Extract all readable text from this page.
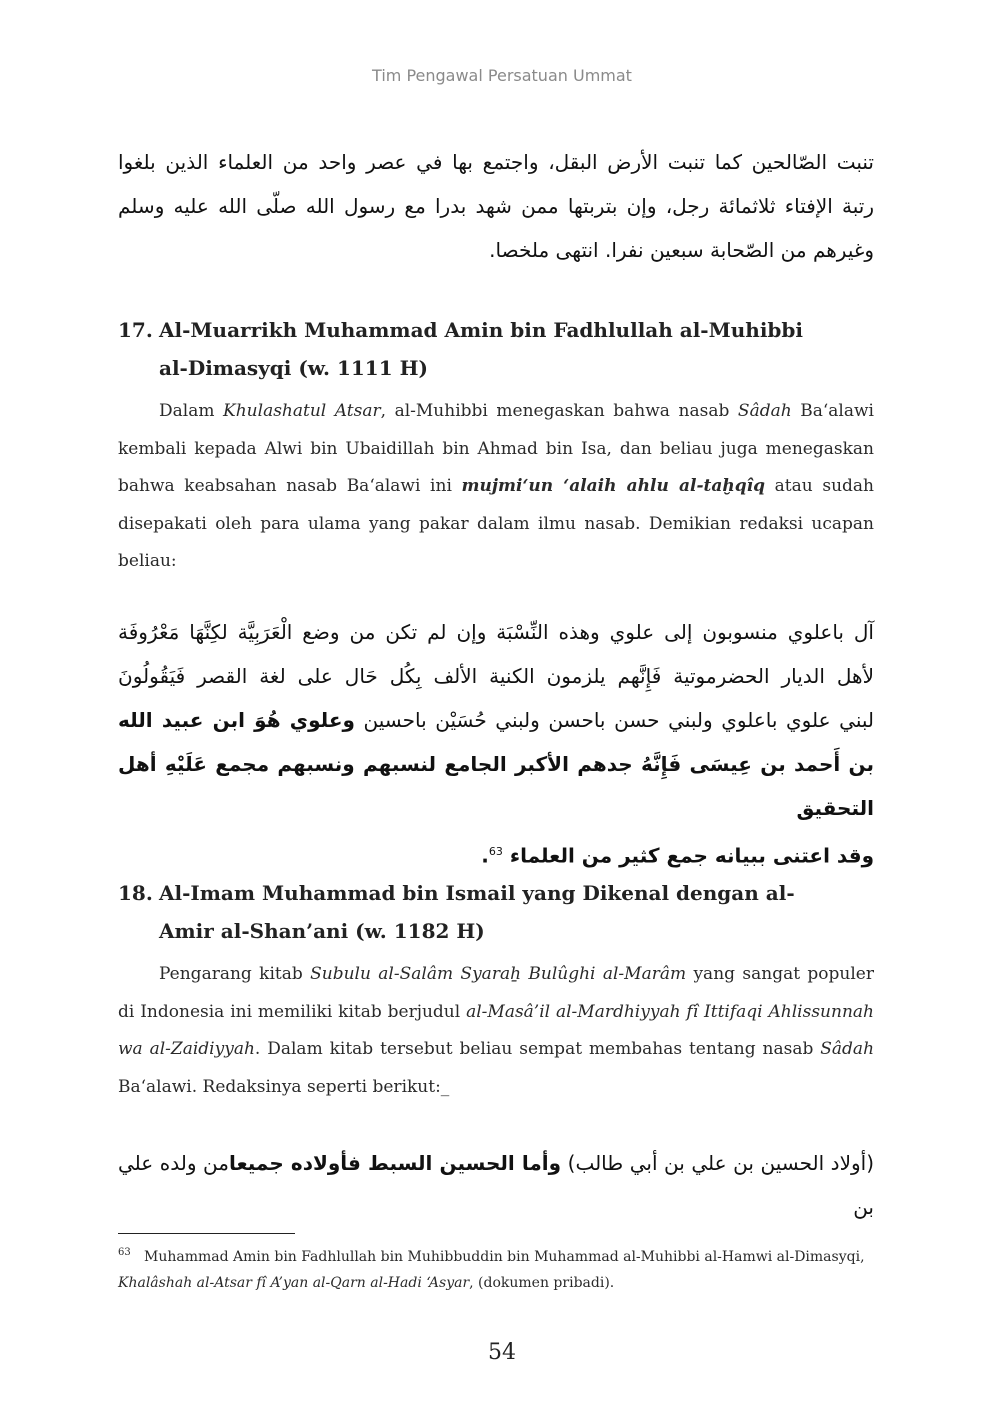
Tim Pengawal Persatuan Ummat
تنبت الصّالحين كما تنبت الأرض البقل، واجتمع بها في عصر واحد من العلماء الذين بلغوا
رتبة الإفتاء ثلاثمائة رجل، وإن بتربتها ممن شهد بدرا مع رسول الله صلّى الله عليه وسلم
وغيرهم من الصّحابة سبعين نفرا. انتهى ملخصا.
17. Al-Muarrikh Muhammad Amin bin Fadhlullah al-Muhibbi
al-Dimasyqi (w. 1111 H)
Dalam Khulashatul Atsar, al-Muhibbi menegaskan bahwa nasab Sâdah Ba‘alawi kembali kepada Alwi bin Ubaidillah bin Ahmad bin Isa, dan beliau juga menegaskan bahwa keabsahan nasab Ba‘alawi ini mujmi‘un ‘alaih ahlu al-taḫqîq atau sudah disepakati oleh para ulama yang pakar dalam ilmu nasab. Demikian redaksi ucapan beliau:
آل باعلوي منسوبون إلى علوي وهذه النِّسْبَة وإن لم تكن من وضع الْعَرَبِيَّة لكِنَّهَا مَعْرُوفَة
لأهل الديار الحضرموتية فَإِنَّهم يلزمون الكنية الألف بِكُل حَال على لغة القصر فَيَقُولُونَ
لبني علوي باعلوي ولبني حسن باحسن ولبني حُسَيْن باحسين وعلوي هُوَ ابن عبيد الله
بن أَحمد بن عِيسَى فَإِنَّهُ جدهم الأكبر الجامع لنسبهم ونسبهم مجمع عَلَيْهِ أهل التحقيق
وقد اعتنى ببيانه جمع كثير من العلماء $^{63}$.
18. Al-Imam Muhammad bin Ismail yang Dikenal dengan al-
Amir al-Shan’ani (w. 1182 H)
Pengarang kitab Subulu al-Salâm Syaraẖ Bulûghi al-Marâm yang sangat populer di Indonesia ini memiliki kitab berjudul al-Masâ’il al-Mardhiyyah fî Ittifaqi Ahlissunnah wa al-Zaidiyyah. Dalam kitab tersebut beliau sempat membahas tentang nasab Sâdah Ba‘alawi. Redaksinya seperti berikut:_
(أولاد الحسين بن علي بن أبي طالب) وأما الحسين السبط فأولاده جميعامن ولده علي بن
$^{63}$ Muhammad Amin bin Fadhlullah bin Muhibbuddin bin Muhammad al-Muhibbi al-Hamwi al-Dimasyqi, Khalâshah al-Atsar fî A’yan al-Qarn al-Hadi ‘Asyar, (dokumen pribadi).
54
